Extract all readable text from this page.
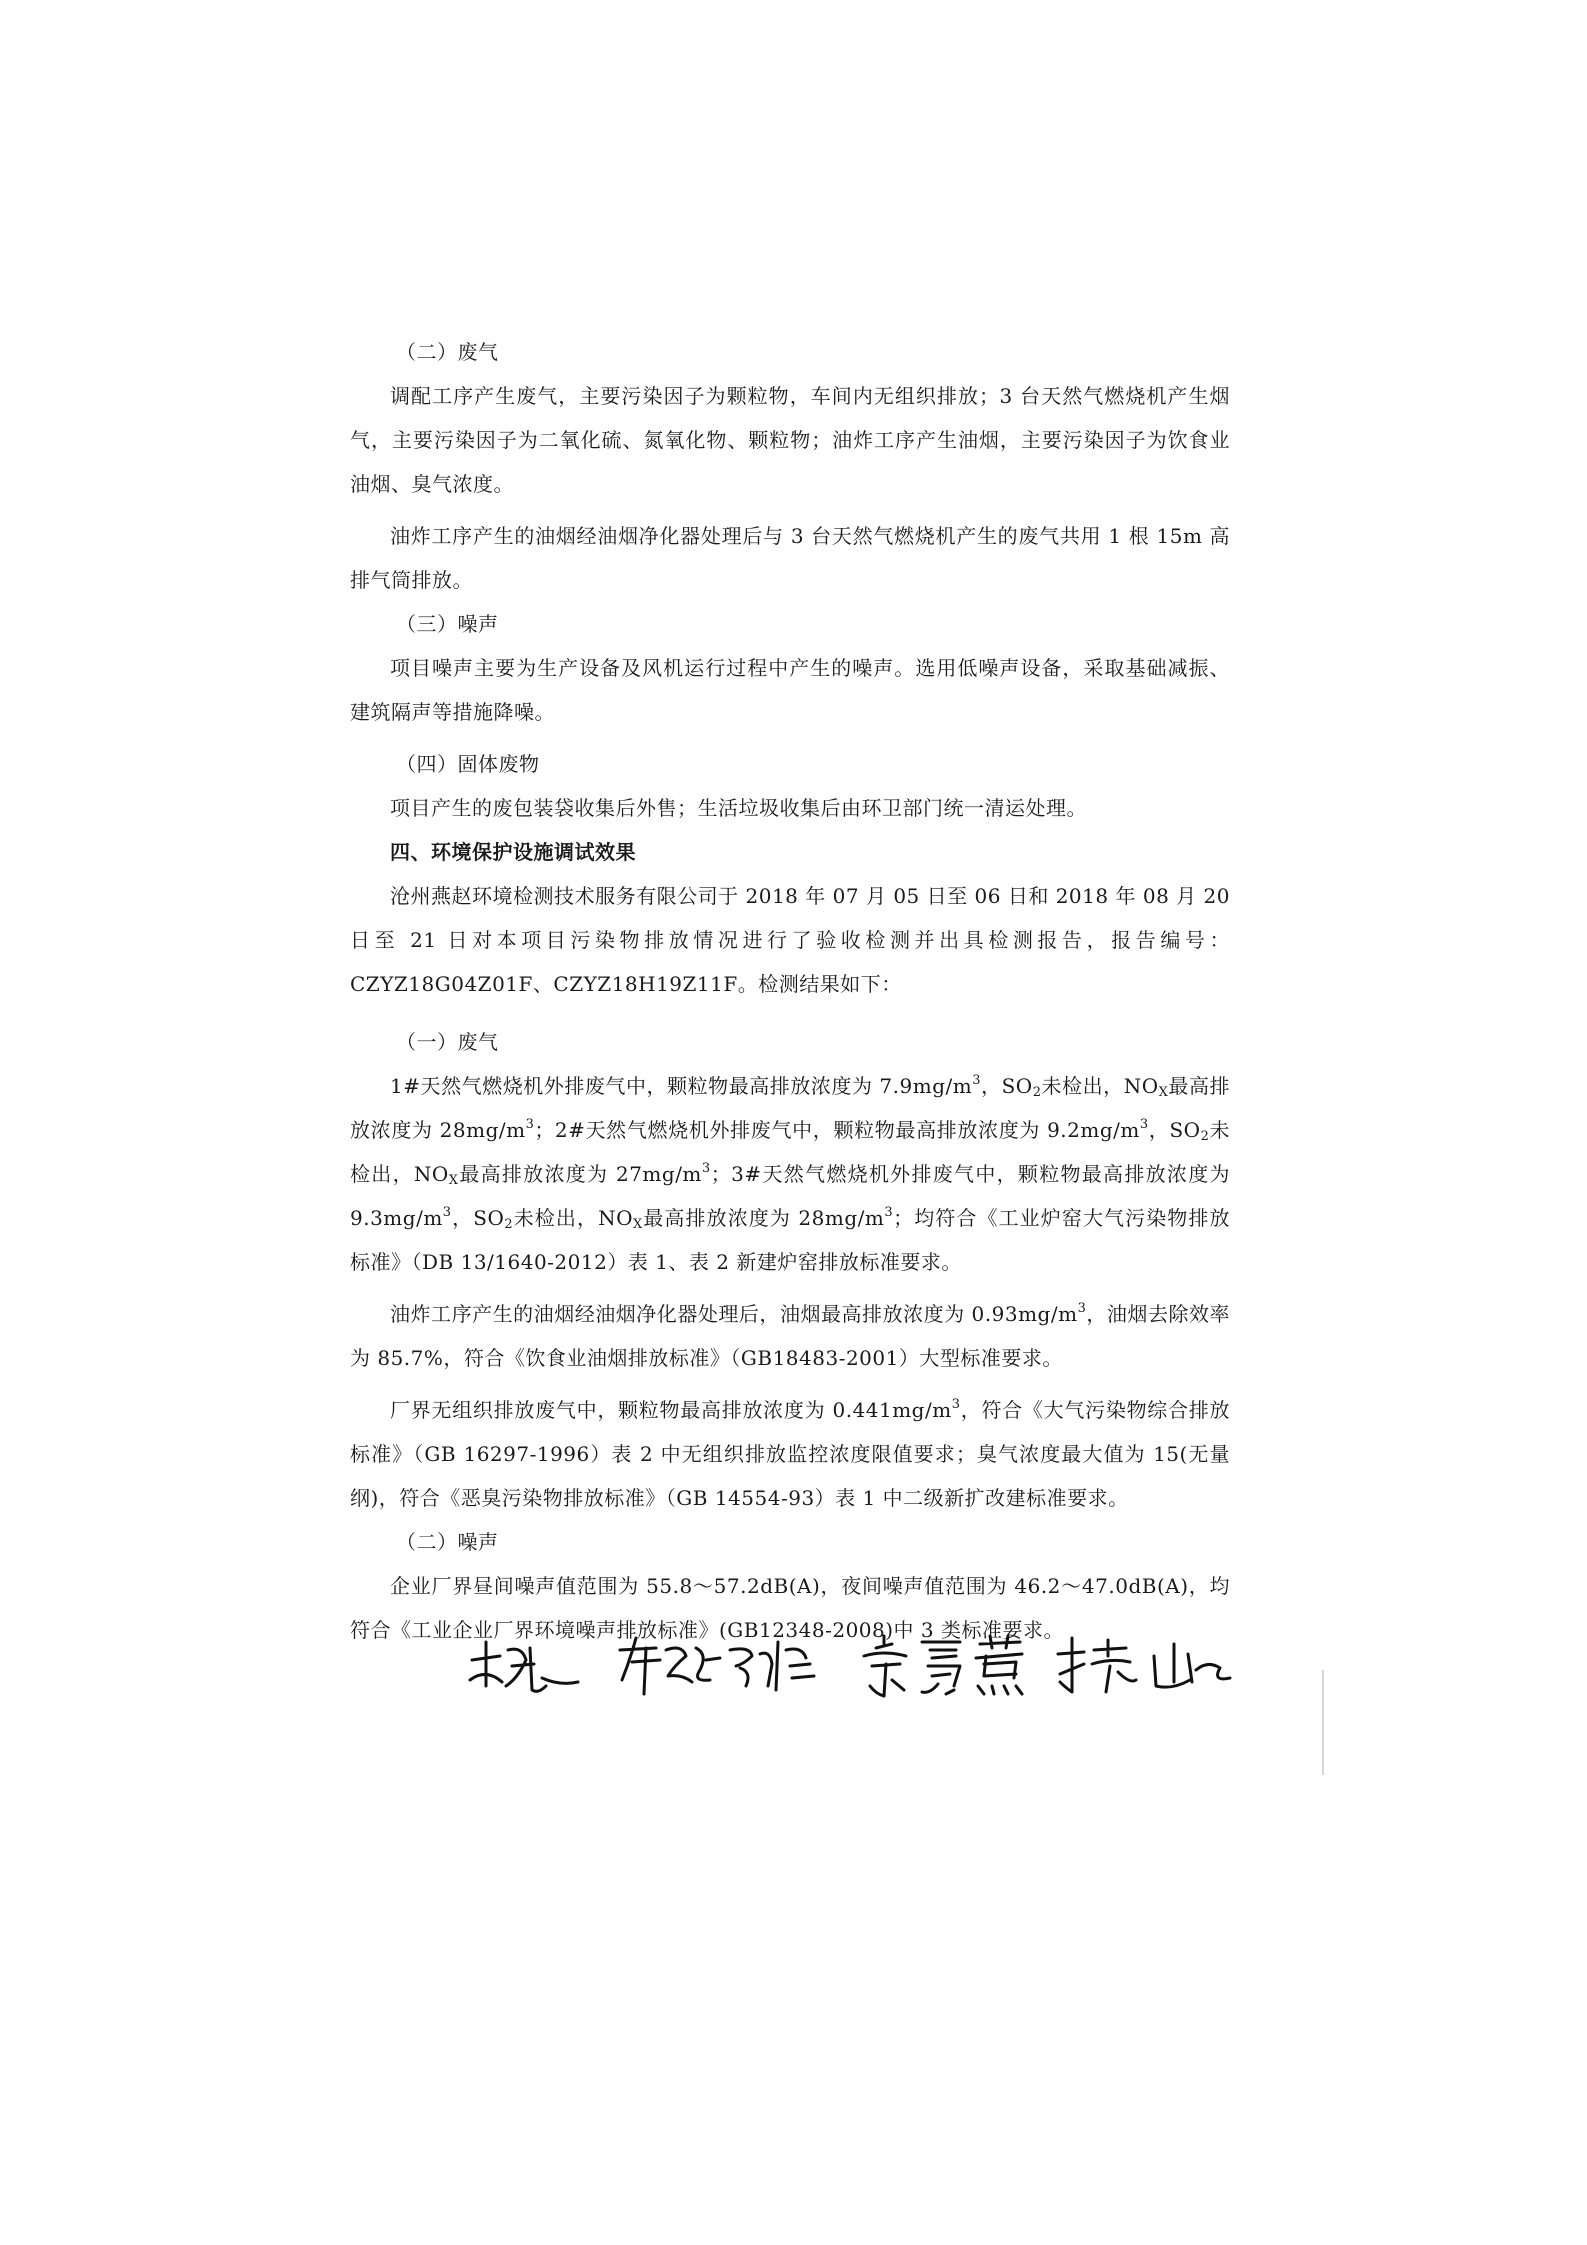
（二）废气

调配工序产生废气，主要污染因子为颗粒物，车间内无组织排放；3 台天然气燃烧机产生烟气，主要污染因子为二氧化硫、氮氧化物、颗粒物；油炸工序产生油烟，主要污染因子为饮食业油烟、臭气浓度。

油炸工序产生的油烟经油烟净化器处理后与 3 台天然气燃烧机产生的废气共用 1 根 15m 高排气筒排放。

（三）噪声

项目噪声主要为生产设备及风机运行过程中产生的噪声。选用低噪声设备，采取基础减振、建筑隔声等措施降噪。

（四）固体废物

项目产生的废包装袋收集后外售；生活垃圾收集后由环卫部门统一清运处理。

四、环境保护设施调试效果

沧州燕赵环境检测技术服务有限公司于 2018 年 07 月 05 日至 06 日和 2018 年 08 月 20 日至 21 日对本项目污染物排放情况进行了验收检测并出具检测报告，报告编号：CZYZ18G04Z01F、CZYZ18H19Z11F。检测结果如下：

（一）废气

1#天然气燃烧机外排废气中，颗粒物最高排放浓度为 $7.9mg/m^3$，$SO_2$未检出，$NO_X$最高排放浓度为 $28mg/m^3$；2#天然气燃烧机外排废气中，颗粒物最高排放浓度为 $9.2mg/m^3$，$SO_2$未检出，$NO_X$最高排放浓度为 $27mg/m^3$；3#天然气燃烧机外排废气中，颗粒物最高排放浓度为 $9.3mg/m^3$，$SO_2$未检出，$NO_X$最高排放浓度为 $28mg/m^3$；均符合《工业炉窑大气污染物排放标准》（DB 13/1640-2012）表 1、表 2 新建炉窑排放标准要求。

油炸工序产生的油烟经油烟净化器处理后，油烟最高排放浓度为 $0.93mg/m^3$，油烟去除效率为 85.7%，符合《饮食业油烟排放标准》（GB18483-2001）大型标准要求。

厂界无组织排放废气中，颗粒物最高排放浓度为 $0.441mg/m^3$，符合《大气污染物综合排放标准》（GB 16297-1996）表 2 中无组织排放监控浓度限值要求；臭气浓度最大值为 15(无量纲)，符合《恶臭污染物排放标准》（GB 14554-93）表 1 中二级新扩改建标准要求。

（二）噪声

企业厂界昼间噪声值范围为 55.8～57.2dB(A)，夜间噪声值范围为 46.2～47.0dB(A)，均符合《工业企业厂界环境噪声排放标准》(GB12348-2008)中 3 类标准要求。
